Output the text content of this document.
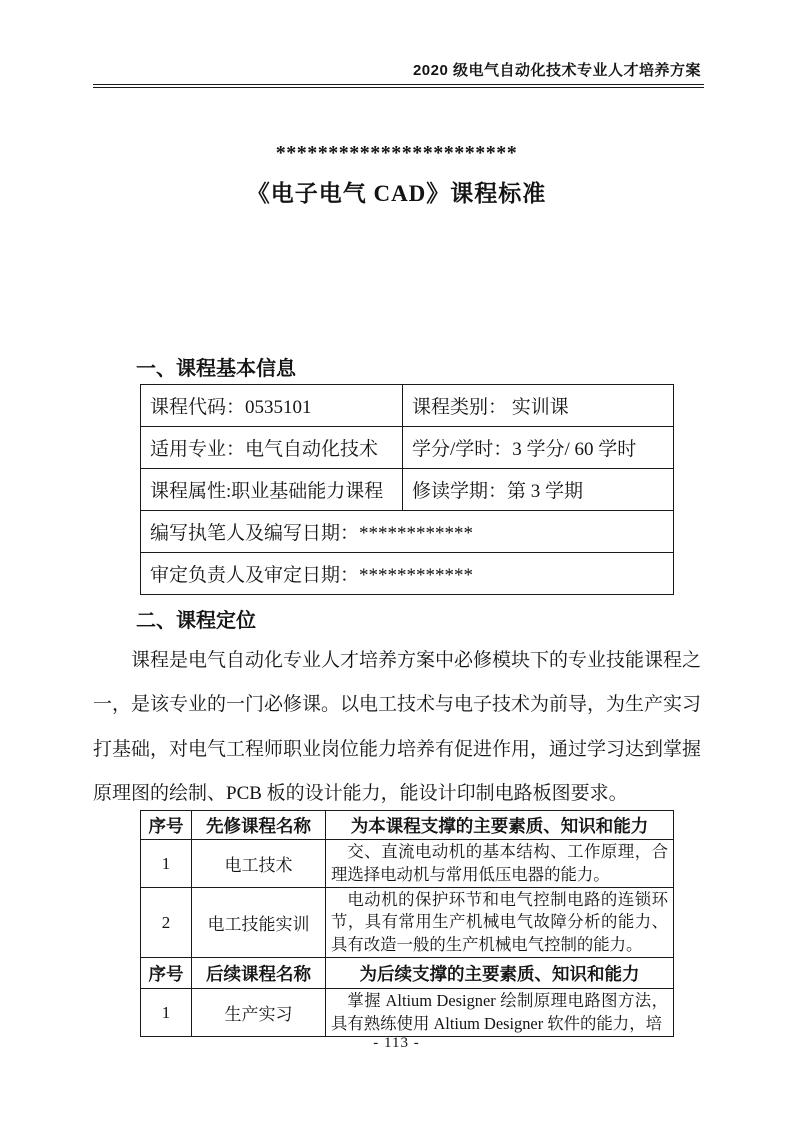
2020 级电气自动化技术专业人才培养方案
***********************
《电子电气 CAD》课程标准
一、课程基本信息
课程代码：0535101	课程类别： 实训课
适用专业：电气自动化技术	学分/学时：3 学分/ 60 学时
课程属性:职业基础能力课程	修读学期：第 3 学期
编写执笔人及编写日期：************	
审定负责人及审定日期：************	
二、课程定位
课程是电气自动化专业人才培养方案中必修模块下的专业技能课程之一，是该专业的一门必修课。以电工技术与电子技术为前导，为生产实习打基础，对电气工程师职业岗位能力培养有促进作用，通过学习达到掌握原理图的绘制、PCB 板的设计能力，能设计印制电路板图要求。
序号	先修课程名称	为本课程支撑的主要素质、知识和能力
1	电工技术	交、直流电动机的基本结构、工作原理，合理选择电动机与常用低压电器的能力。
2	电工技能实训	电动机的保护环节和电气控制电路的连锁环节，具有常用生产机械电气故障分析的能力、具有改造一般的生产机械电气控制的能力。
序号	后续课程名称	为后续支撑的主要素质、知识和能力
1	生产实习	掌握 Altium Designer 绘制原理电路图方法，具有熟练使用 Altium Designer 软件的能力，培
- 113 -
